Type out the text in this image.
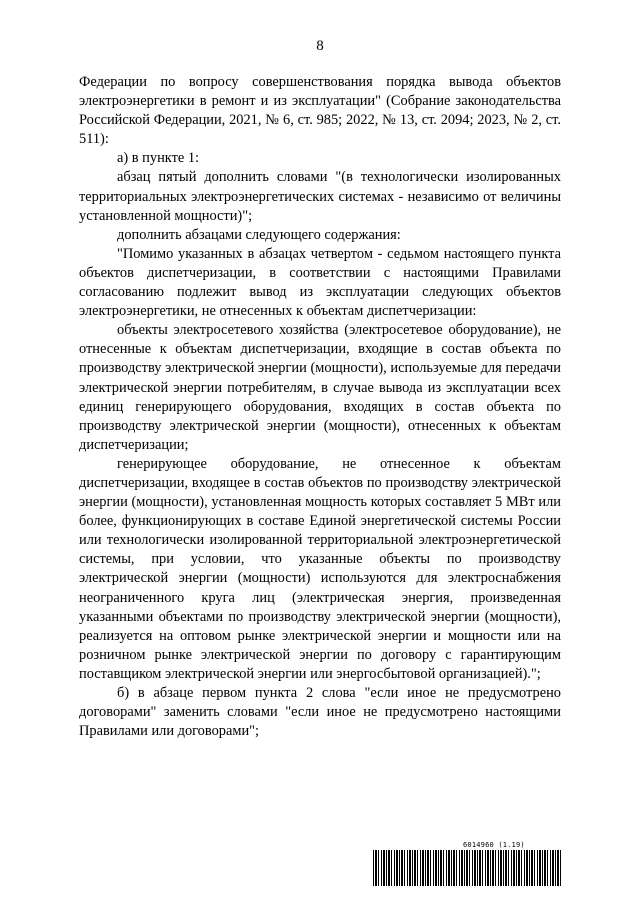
8

Федерации по вопросу совершенствования порядка вывода объектов электроэнергетики в ремонт и из эксплуатации" (Собрание законодательства Российской Федерации, 2021, № 6, ст. 985; 2022, № 13, ст. 2094; 2023, № 2, ст. 511):

а) в пункте 1:

абзац пятый дополнить словами "(в технологически изолированных территориальных электроэнергетических системах - независимо от величины установленной мощности)";

дополнить абзацами следующего содержания:

"Помимо указанных в абзацах четвертом - седьмом настоящего пункта объектов диспетчеризации, в соответствии с настоящими Правилами согласованию подлежит вывод из эксплуатации следующих объектов электроэнергетики, не отнесенных к объектам диспетчеризации:

объекты электросетевого хозяйства (электросетевое оборудование), не отнесенные к объектам диспетчеризации, входящие в состав объекта по производству электрической энергии (мощности), используемые для передачи электрической энергии потребителям, в случае вывода из эксплуатации всех единиц генерирующего оборудования, входящих в состав объекта по производству электрической энергии (мощности), отнесенных к объектам диспетчеризации;

генерирующее оборудование, не отнесенное к объектам диспетчеризации, входящее в состав объектов по производству электрической энергии (мощности), установленная мощность которых составляет 5 МВт или более, функционирующих в составе Единой энергетической системы России или технологически изолированной территориальной электроэнергетической системы, при условии, что указанные объекты по производству электрической энергии (мощности) используются для электроснабжения неограниченного круга лиц (электрическая энергия, произведенная указанными объектами по производству электрической энергии (мощности), реализуется на оптовом рынке электрической энергии и мощности или на розничном рынке электрической энергии по договору с гарантирующим поставщиком электрической энергии или энергосбытовой организацией).";

б) в абзаце первом пункта 2 слова "если иное не предусмотрено договорами" заменить словами "если иное не предусмотрено настоящими Правилами или договорами";

6014960 (1.19)
